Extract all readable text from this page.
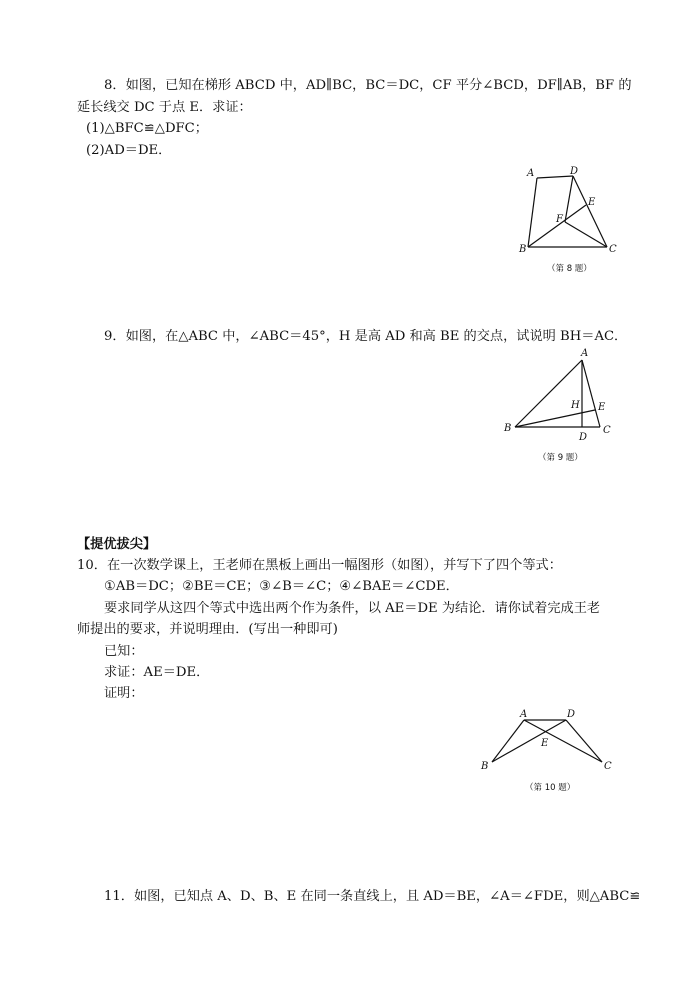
8．如图，已知在梯形 ABCD 中，AD∥BC，BC＝DC，CF 平分∠BCD，DF∥AB，BF 的
延长线交 DC 于点 E．求证：
(1)△BFC≌△DFC；
(2)AD＝DE．
A	D
E
F
B	C
（第 8 题）
9．如图，在△ABC 中，∠ABC＝45°，H 是高 AD 和高 BE 的交点，试说明 BH＝AC．
A
H E
B
D
C
（第 9 题）
【提优拔尖】
10．在一次数学课上，王老师在黑板上画出一幅图形（如图），并写下了四个等式：
①AB＝DC；②BE＝CE；③∠B＝∠C；④∠BAE＝∠CDE．
要求同学从这四个等式中选出两个作为条件，以 AE＝DE 为结论．请你试着完成王老
师提出的要求，并说明理由．(写出一种即可)
已知：
求证：AE＝DE．
证明：
A	D
E
B	C
（第 10 题）
11．如图，已知点 A、D、B、E 在同一条直线上，且 AD＝BE，∠A＝∠FDE，则△ABC≌
